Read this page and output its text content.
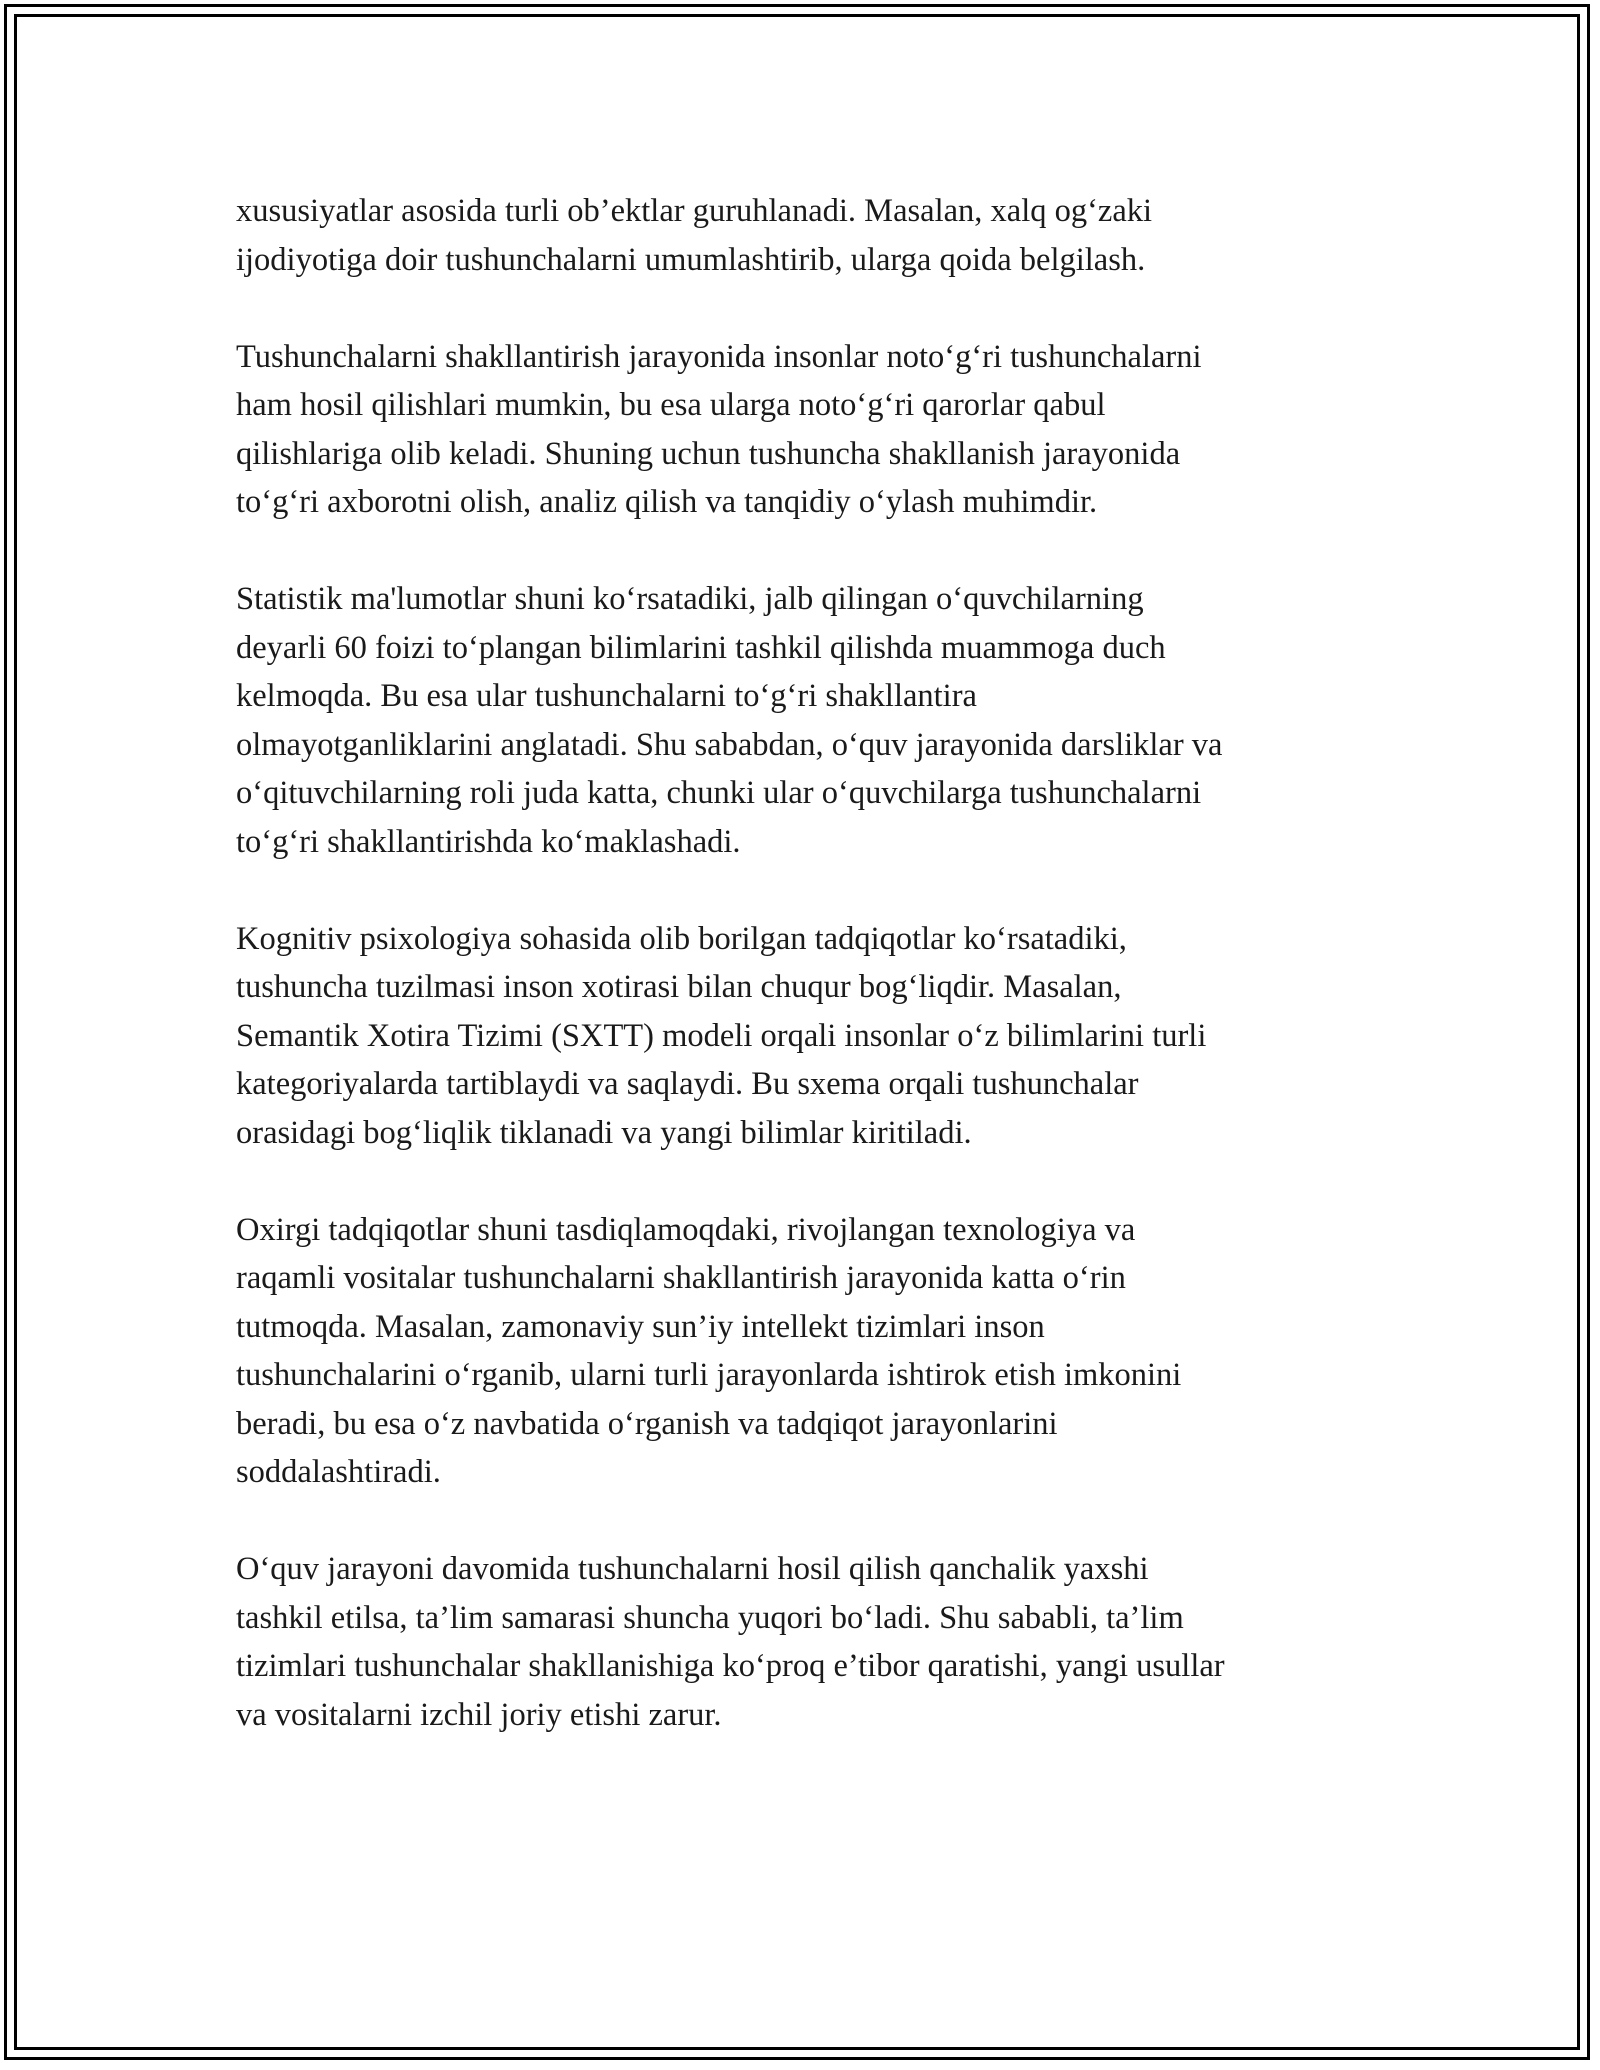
xususiyatlar asosida turli ob’ektlar guruhlanadi. Masalan, xalq og‘zaki
ijodiyotiga doir tushunchalarni umumlashtirib, ularga qoida belgilash.

Tushunchalarni shakllantirish jarayonida insonlar noto‘g‘ri tushunchalarni
ham hosil qilishlari mumkin, bu esa ularga noto‘g‘ri qarorlar qabul
qilishlariga olib keladi. Shuning uchun tushuncha shakllanish jarayonida
to‘g‘ri axborotni olish, analiz qilish va tanqidiy o‘ylash muhimdir.

Statistik ma'lumotlar shuni ko‘rsatadiki, jalb qilingan o‘quvchilarning
deyarli 60 foizi to‘plangan bilimlarini tashkil qilishda muammoga duch
kelmoqda. Bu esa ular tushunchalarni to‘g‘ri shakllantira
olmayotganliklarini anglatadi. Shu sababdan, o‘quv jarayonida darsliklar va
o‘qituvchilarning roli juda katta, chunki ular o‘quvchilarga tushunchalarni
to‘g‘ri shakllantirishda ko‘maklashadi.

Kognitiv psixologiya sohasida olib borilgan tadqiqotlar ko‘rsatadiki,
tushuncha tuzilmasi inson xotirasi bilan chuqur bog‘liqdir. Masalan,
Semantik Xotira Tizimi (SXTT) modeli orqali insonlar o‘z bilimlarini turli
kategoriyalarda tartiblaydi va saqlaydi. Bu sxema orqali tushunchalar
orasidagi bog‘liqlik tiklanadi va yangi bilimlar kiritiladi.

Oxirgi tadqiqotlar shuni tasdiqlamoqdaki, rivojlangan texnologiya va
raqamli vositalar tushunchalarni shakllantirish jarayonida katta o‘rin
tutmoqda. Masalan, zamonaviy sun’iy intellekt tizimlari inson
tushunchalarini o‘rganib, ularni turli jarayonlarda ishtirok etish imkonini
beradi, bu esa o‘z navbatida o‘rganish va tadqiqot jarayonlarini
soddalashtiradi.

O‘quv jarayoni davomida tushunchalarni hosil qilish qanchalik yaxshi
tashkil etilsa, ta’lim samarasi shuncha yuqori bo‘ladi. Shu sababli, ta’lim
tizimlari tushunchalar shakllanishiga ko‘proq e’tibor qaratishi, yangi usullar
va vositalarni izchil joriy etishi zarur.
